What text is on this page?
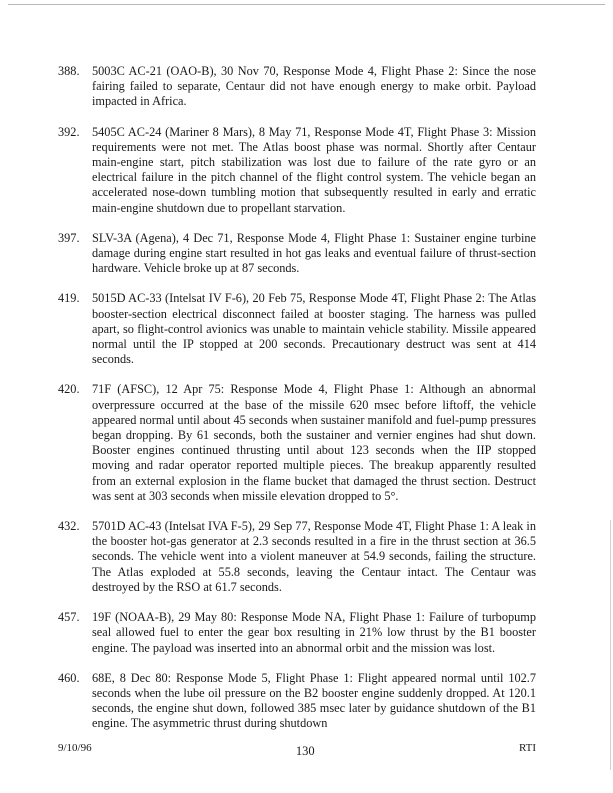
388.	5003C AC-21 (OAO-B), 30 Nov 70, Response Mode 4, Flight Phase 2: Since the nose fairing failed to separate, Centaur did not have enough energy to make orbit. Payload impacted in Africa.
392.	5405C AC-24 (Mariner 8 Mars), 8 May 71, Response Mode 4T, Flight Phase 3: Mission requirements were not met. The Atlas boost phase was normal. Shortly after Centaur main-engine start, pitch stabilization was lost due to failure of the rate gyro or an electrical failure in the pitch channel of the flight control system. The vehicle began an accelerated nose-down tumbling motion that subsequently resulted in early and erratic main-engine shutdown due to propellant starvation.
397.	SLV-3A (Agena), 4 Dec 71, Response Mode 4, Flight Phase 1: Sustainer engine turbine damage during engine start resulted in hot gas leaks and eventual failure of thrust-section hardware. Vehicle broke up at 87 seconds.
419.	5015D AC-33 (Intelsat IV F-6), 20 Feb 75, Response Mode 4T, Flight Phase 2: The Atlas booster-section electrical disconnect failed at booster staging. The harness was pulled apart, so flight-control avionics was unable to maintain vehicle stability. Missile appeared normal until the IP stopped at 200 seconds. Precautionary destruct was sent at 414 seconds.
420.	71F (AFSC), 12 Apr 75: Response Mode 4, Flight Phase 1: Although an abnormal overpressure occurred at the base of the missile 620 msec before liftoff, the vehicle appeared normal until about 45 seconds when sustainer manifold and fuel-pump pressures began dropping. By 61 seconds, both the sustainer and vernier engines had shut down. Booster engines continued thrusting until about 123 seconds when the IIP stopped moving and radar operator reported multiple pieces. The breakup apparently resulted from an external explosion in the flame bucket that damaged the thrust section. Destruct was sent at 303 seconds when missile elevation dropped to 5°.
432.	5701D AC-43 (Intelsat IVA F-5), 29 Sep 77, Response Mode 4T, Flight Phase 1: A leak in the booster hot-gas generator at 2.3 seconds resulted in a fire in the thrust section at 36.5 seconds. The vehicle went into a violent maneuver at 54.9 seconds, failing the structure. The Atlas exploded at 55.8 seconds, leaving the Centaur intact. The Centaur was destroyed by the RSO at 61.7 seconds.
457.	19F (NOAA-B), 29 May 80: Response Mode NA, Flight Phase 1: Failure of turbopump seal allowed fuel to enter the gear box resulting in 21% low thrust by the B1 booster engine. The payload was inserted into an abnormal orbit and the mission was lost.
460.	68E, 8 Dec 80: Response Mode 5, Flight Phase 1: Flight appeared normal until 102.7 seconds when the lube oil pressure on the B2 booster engine suddenly dropped. At 120.1 seconds, the engine shut down, followed 385 msec later by guidance shutdown of the B1 engine. The asymmetric thrust during shutdown
9/10/96	130	RTI
